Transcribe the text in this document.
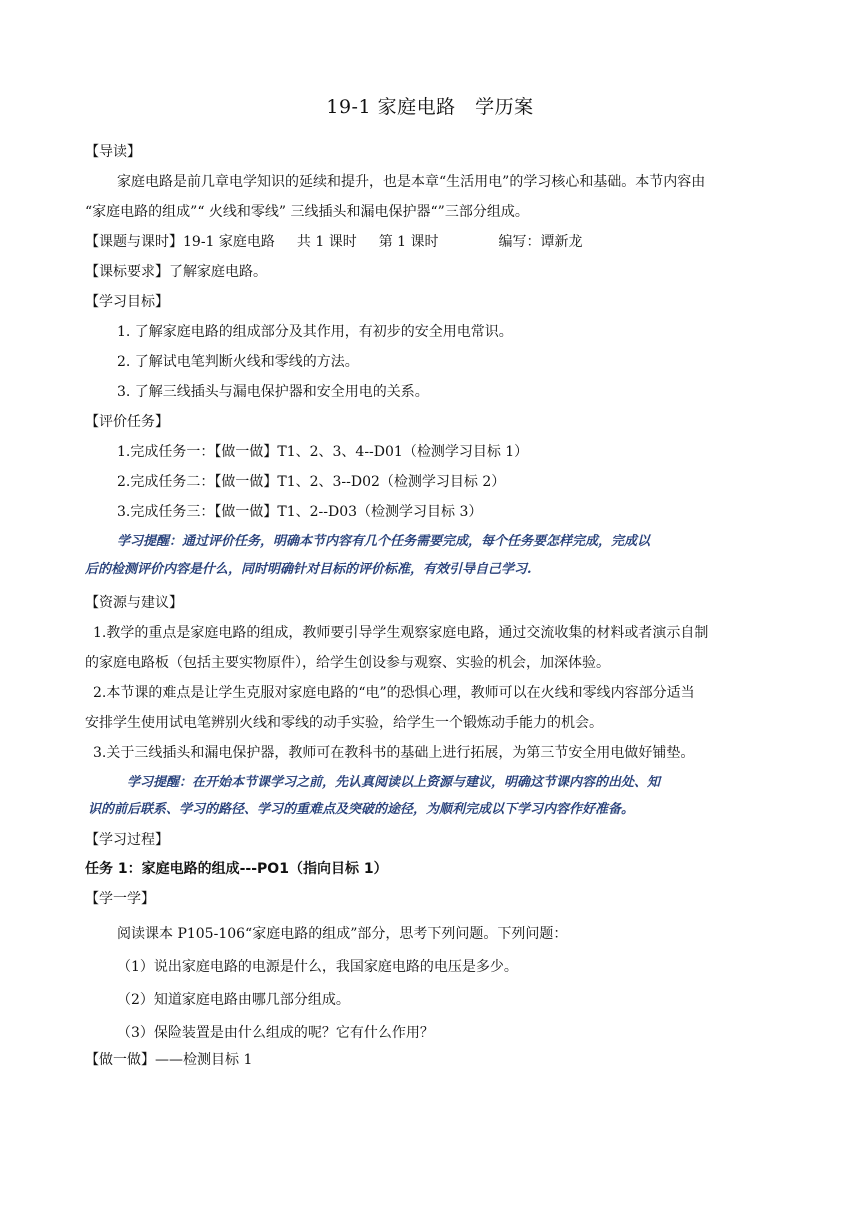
19-1 家庭电路　学历案
【导读】
家庭电路是前几章电学知识的延续和提升，也是本章“生活用电”的学习核心和基础。本节内容由
“家庭电路的组成”“ 火线和零线” 三线插头和漏电保护器“”三部分组成。
【课题与课时】19-1 家庭电路 共 1 课时 第 1 课时	编写：谭新龙
【课标要求】了解家庭电路。
【学习目标】
1. 了解家庭电路的组成部分及其作用，有初步的安全用电常识。
2. 了解试电笔判断火线和零线的方法。
3. 了解三线插头与漏电保护器和安全用电的关系。
【评价任务】
1.完成任务一：【做一做】T1、2、3、4--D01（检测学习目标 1）
2.完成任务二：【做一做】T1、2、3--D02（检测学习目标 2）
3.完成任务三：【做一做】T1、2--D03（检测学习目标 3）
学习提醒：通过评价任务，明确本节内容有几个任务需要完成，每个任务要怎样完成，完成以
后的检测评价内容是什么，同时明确针对目标的评价标准，有效引导自己学习.
【资源与建议】
1.教学的重点是家庭电路的组成，教师要引导学生观察家庭电路，通过交流收集的材料或者演示自制
的家庭电路板（包括主要实物原件），给学生创设参与观察、实验的机会，加深体验。
2.本节课的难点是让学生克服对家庭电路的“电”的恐惧心理，教师可以在火线和零线内容部分适当
安排学生使用试电笔辨别火线和零线的动手实验，给学生一个锻炼动手能力的机会。
3.关于三线插头和漏电保护器，教师可在教科书的基础上进行拓展，为第三节安全用电做好铺垫。
学习提醒：在开始本节课学习之前，先认真阅读以上资源与建议，明确这节课内容的出处、知
识的前后联系、学习的路径、学习的重难点及突破的途径，为顺利完成以下学习内容作好准备。
【学习过程】
任务 1：家庭电路的组成---PO1（指向目标 1）
【学一学】
阅读课本 P105-106“家庭电路的组成”部分，思考下列问题。下列问题：
（1）说出家庭电路的电源是什么，我国家庭电路的电压是多少。
（2）知道家庭电路由哪几部分组成。
（3）保险装置是由什么组成的呢？它有什么作用？
【做一做】——检测目标 1
